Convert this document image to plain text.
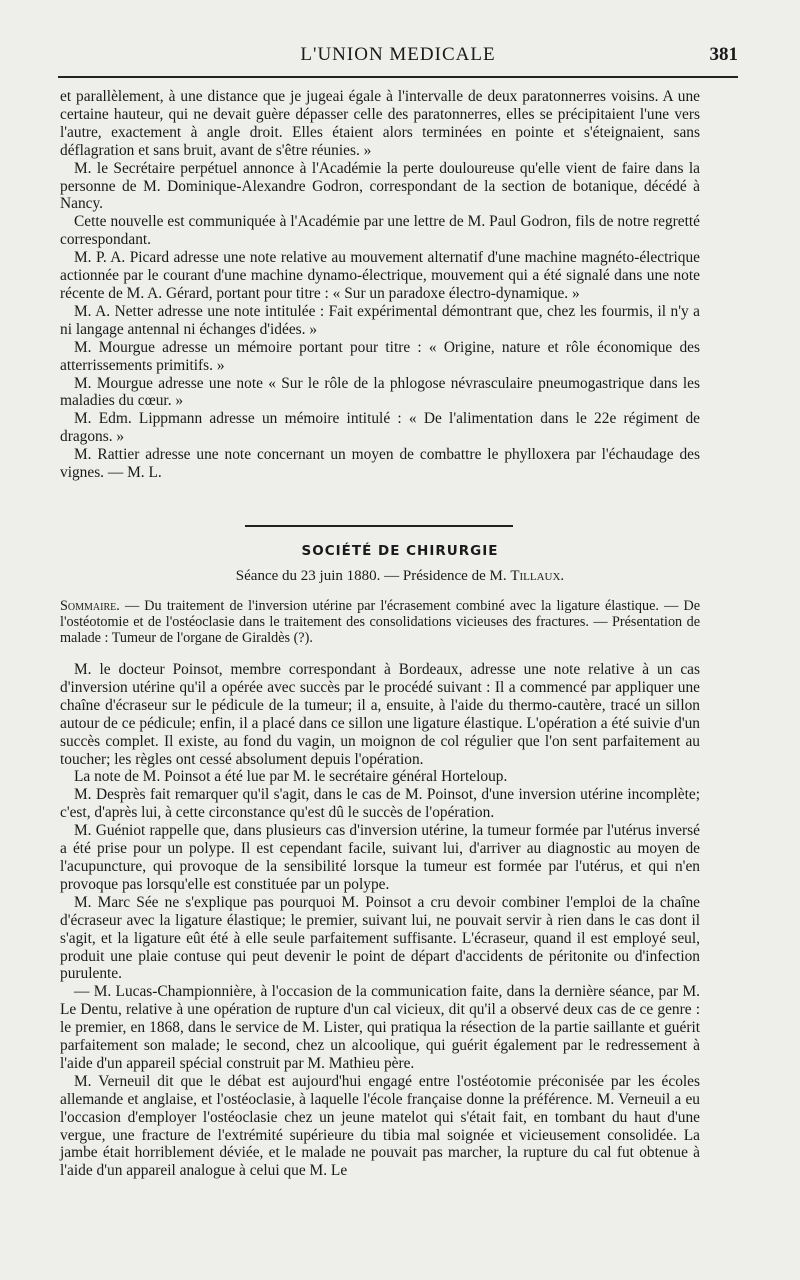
L'UNION MEDICALE	381

et parallèlement, à une distance que je jugeai égale à l'intervalle de deux paratonnerres voisins. A une certaine hauteur, qui ne devait guère dépasser celle des paratonnerres, elles se précipitaient l'une vers l'autre, exactement à angle droit. Elles étaient alors terminées en pointe et s'éteignaient, sans déflagration et sans bruit, avant de s'être réunies. »

M. le Secrétaire perpétuel annonce à l'Académie la perte douloureuse qu'elle vient de faire dans la personne de M. Dominique-Alexandre Godron, correspondant de la section de botanique, décédé à Nancy.

Cette nouvelle est communiquée à l'Académie par une lettre de M. Paul Godron, fils de notre regretté correspondant.

M. P. A. Picard adresse une note relative au mouvement alternatif d'une machine magnéto-électrique actionnée par le courant d'une machine dynamo-électrique, mouvement qui a été signalé dans une note récente de M. A. Gérard, portant pour titre : « Sur un paradoxe électro-dynamique. »

M. A. Netter adresse une note intitulée : Fait expérimental démontrant que, chez les fourmis, il n'y a ni langage antennal ni échanges d'idées. »

M. Mourgue adresse un mémoire portant pour titre : « Origine, nature et rôle économique des atterrissements primitifs. »

M. Mourgue adresse une note « Sur le rôle de la phlogose névrasculaire pneumogastrique dans les maladies du cœur. »

M. Edm. Lippmann adresse un mémoire intitulé : « De l'alimentation dans le 22e régiment de dragons. »

M. Rattier adresse une note concernant un moyen de combattre le phylloxera par l'échaudage des vignes. — M. L.

SOCIÉTÉ DE CHIRURGIE
Séance du 23 juin 1880. — Présidence de M. Tillaux.

Sommaire. — Du traitement de l'inversion utérine par l'écrasement combiné avec la ligature élastique. — De l'ostéotomie et de l'ostéoclasie dans le traitement des consolidations vicieuses des fractures. — Présentation de malade : Tumeur de l'organe de Giraldès (?).

M. le docteur Poinsot, membre correspondant à Bordeaux, adresse une note relative à un cas d'inversion utérine qu'il a opérée avec succès par le procédé suivant : Il a commencé par appliquer une chaîne d'écraseur sur le pédicule de la tumeur; il a, ensuite, à l'aide du thermo-cautère, tracé un sillon autour de ce pédicule; enfin, il a placé dans ce sillon une ligature élastique. L'opération a été suivie d'un succès complet. Il existe, au fond du vagin, un moignon de col régulier que l'on sent parfaitement au toucher; les règles ont cessé absolument depuis l'opération.

La note de M. Poinsot a été lue par M. le secrétaire général Horteloup.

M. Desprès fait remarquer qu'il s'agit, dans le cas de M. Poinsot, d'une inversion utérine incomplète; c'est, d'après lui, à cette circonstance qu'est dû le succès de l'opération.

M. Guéniot rappelle que, dans plusieurs cas d'inversion utérine, la tumeur formée par l'utérus inversé a été prise pour un polype. Il est cependant facile, suivant lui, d'arriver au diagnostic au moyen de l'acupuncture, qui provoque de la sensibilité lorsque la tumeur est formée par l'utérus, et qui n'en provoque pas lorsqu'elle est constituée par un polype.

M. Marc Sée ne s'explique pas pourquoi M. Poinsot a cru devoir combiner l'emploi de la chaîne d'écraseur avec la ligature élastique; le premier, suivant lui, ne pouvait servir à rien dans le cas dont il s'agit, et la ligature eût été à elle seule parfaitement suffisante. L'écraseur, quand il est employé seul, produit une plaie contuse qui peut devenir le point de départ d'accidents de péritonite ou d'infection purulente.

— M. Lucas-Championnière, à l'occasion de la communication faite, dans la dernière séance, par M. Le Dentu, relative à une opération de rupture d'un cal vicieux, dit qu'il a observé deux cas de ce genre : le premier, en 1868, dans le service de M. Lister, qui pratiqua la résection de la partie saillante et guérit parfaitement son malade; le second, chez un alcoolique, qui guérit également par le redressement à l'aide d'un appareil spécial construit par M. Mathieu père.

M. Verneuil dit que le débat est aujourd'hui engagé entre l'ostéotomie préconisée par les écoles allemande et anglaise, et l'ostéoclasie, à laquelle l'école française donne la préférence. M. Verneuil a eu l'occasion d'employer l'ostéoclasie chez un jeune matelot qui s'était fait, en tombant du haut d'une vergue, une fracture de l'extrémité supérieure du tibia mal soignée et vicieusement consolidée. La jambe était horriblement déviée, et le malade ne pouvait pas marcher, la rupture du cal fut obtenue à l'aide d'un appareil analogue à celui que M. Le
